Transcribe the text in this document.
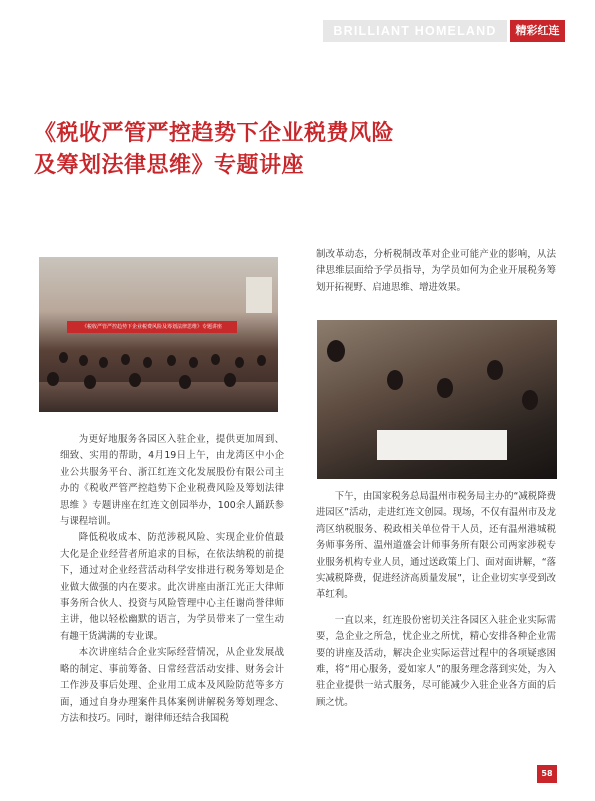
BRILLIANT HOMELAND	精彩红连
《税收严管严控趋势下企业税费风险
及筹划法律思维》专题讲座
《税收严管严控趋势下企业税费风险及筹划法律思维》专题讲座

为更好地服务各园区入驻企业，提供更加周到、细致、实用的帮助，4月19日上午，由龙湾区中小企业公共服务平台、浙江红连文化发展股份有限公司主办的《税收严管严控趋势下企业税费风险及筹划法律思维 》专题讲座在红连文创园举办，100余人踊跃参与课程培训。

降低税收成本、防范涉税风险、实现企业价值最大化是企业经营者所追求的目标，在依法纳税的前提下，通过对企业经营活动科学安排进行税务筹划是企业做大做强的内在要求。此次讲座由浙江光正大律师事务所合伙人、投资与风险管理中心主任谢尚誉律师主讲，他以轻松幽默的语言，为学员带来了一堂生动有趣干货满满的专业课。

本次讲座结合企业实际经营情况，从企业发展战略的制定、事前筹备、日常经营活动安排、财务会计工作涉及事后处理、企业用工成本及风险防范等多方面，通过自身办理案件具体案例讲解税务筹划理念、方法和技巧。同时，谢律师还结合我国税

制改革动态，分析税制改革对企业可能产业的影响，从法律思维层面给予学员指导，为学员如何为企业开展税务筹划开拓视野、启迪思维、增进效果。

下午，由国家税务总局温州市税务局主办的“减税降费进园区”活动，走进红连文创园。现场，不仅有温州市及龙湾区纳税服务、税政相关单位骨干人员，还有温州港城税务师事务所、温州道盛会计师事务所有限公司两家涉税专业服务机构专业人员，通过送政策上门、面对面讲解，“落实减税降费，促进经济高质量发展”，让企业切实享受到改革红利。

一直以来，红连股份密切关注各园区入驻企业实际需要，急企业之所急，忧企业之所忧，精心安排各种企业需要的讲座及活动，解决企业实际运营过程中的各项疑惑困难，将“用心服务，爱如家人”的服务理念落到实处，为入驻企业提供一站式服务，尽可能减少入驻企业各方面的后顾之忧。

58
